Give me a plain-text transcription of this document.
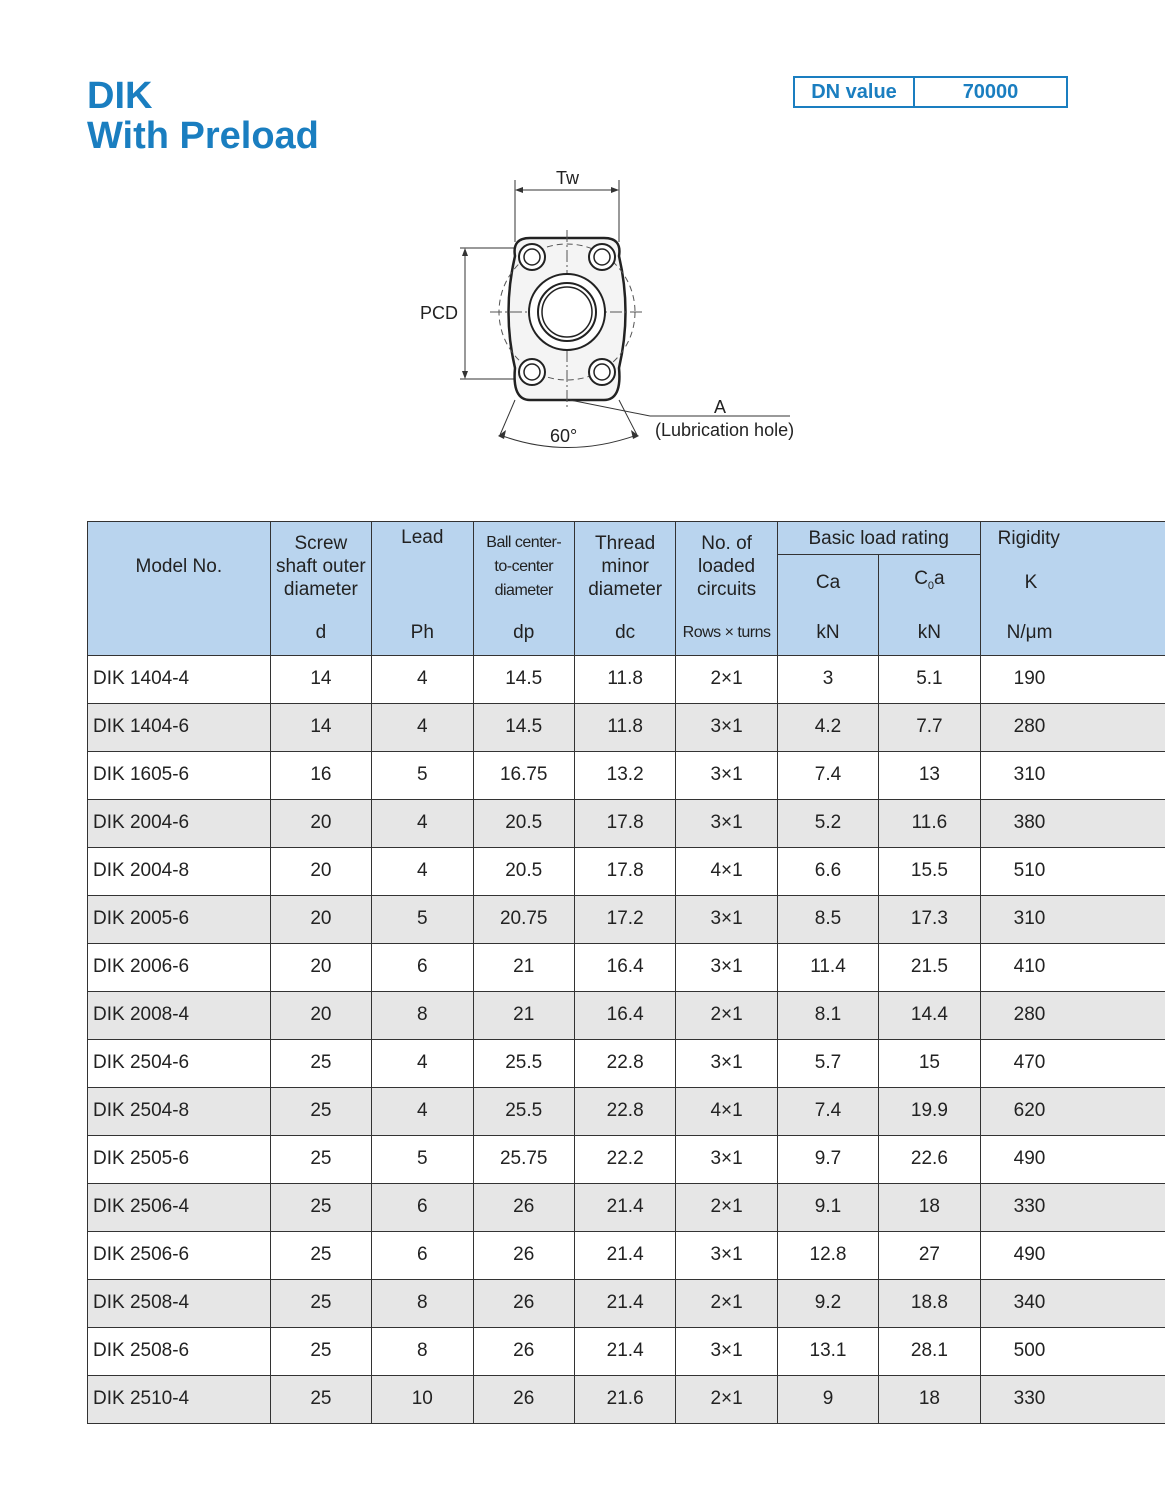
DIK
With Preload
DN value	70000
Tw
PCD
A
(Lubrication hole)
60°
Model No.	Screw
shaft outer
diameter	Lead	Ball center-
to-center
diameter	Thread
minor
diameter	No. of
loaded
circuits	Basic load rating		Rigidity
						Ca	$C_0a$	K
	d	Ph	dp	dc	Rows × turns	kN	kN	N/μm
DIK 1404-4	14	4	14.5	11.8	2×1	3	5.1	190
DIK 1404-6	14	4	14.5	11.8	3×1	4.2	7.7	280
DIK 1605-6	16	5	16.75	13.2	3×1	7.4	13	310
DIK 2004-6	20	4	20.5	17.8	3×1	5.2	11.6	380
DIK 2004-8	20	4	20.5	17.8	4×1	6.6	15.5	510
DIK 2005-6	20	5	20.75	17.2	3×1	8.5	17.3	310
DIK 2006-6	20	6	21	16.4	3×1	11.4	21.5	410
DIK 2008-4	20	8	21	16.4	2×1	8.1	14.4	280
DIK 2504-6	25	4	25.5	22.8	3×1	5.7	15	470
DIK 2504-8	25	4	25.5	22.8	4×1	7.4	19.9	620
DIK 2505-6	25	5	25.75	22.2	3×1	9.7	22.6	490
DIK 2506-4	25	6	26	21.4	2×1	9.1	18	330
DIK 2506-6	25	6	26	21.4	3×1	12.8	27	490
DIK 2508-4	25	8	26	21.4	2×1	9.2	18.8	340
DIK 2508-6	25	8	26	21.4	3×1	13.1	28.1	500
DIK 2510-4	25	10	26	21.6	2×1	9	18	330
